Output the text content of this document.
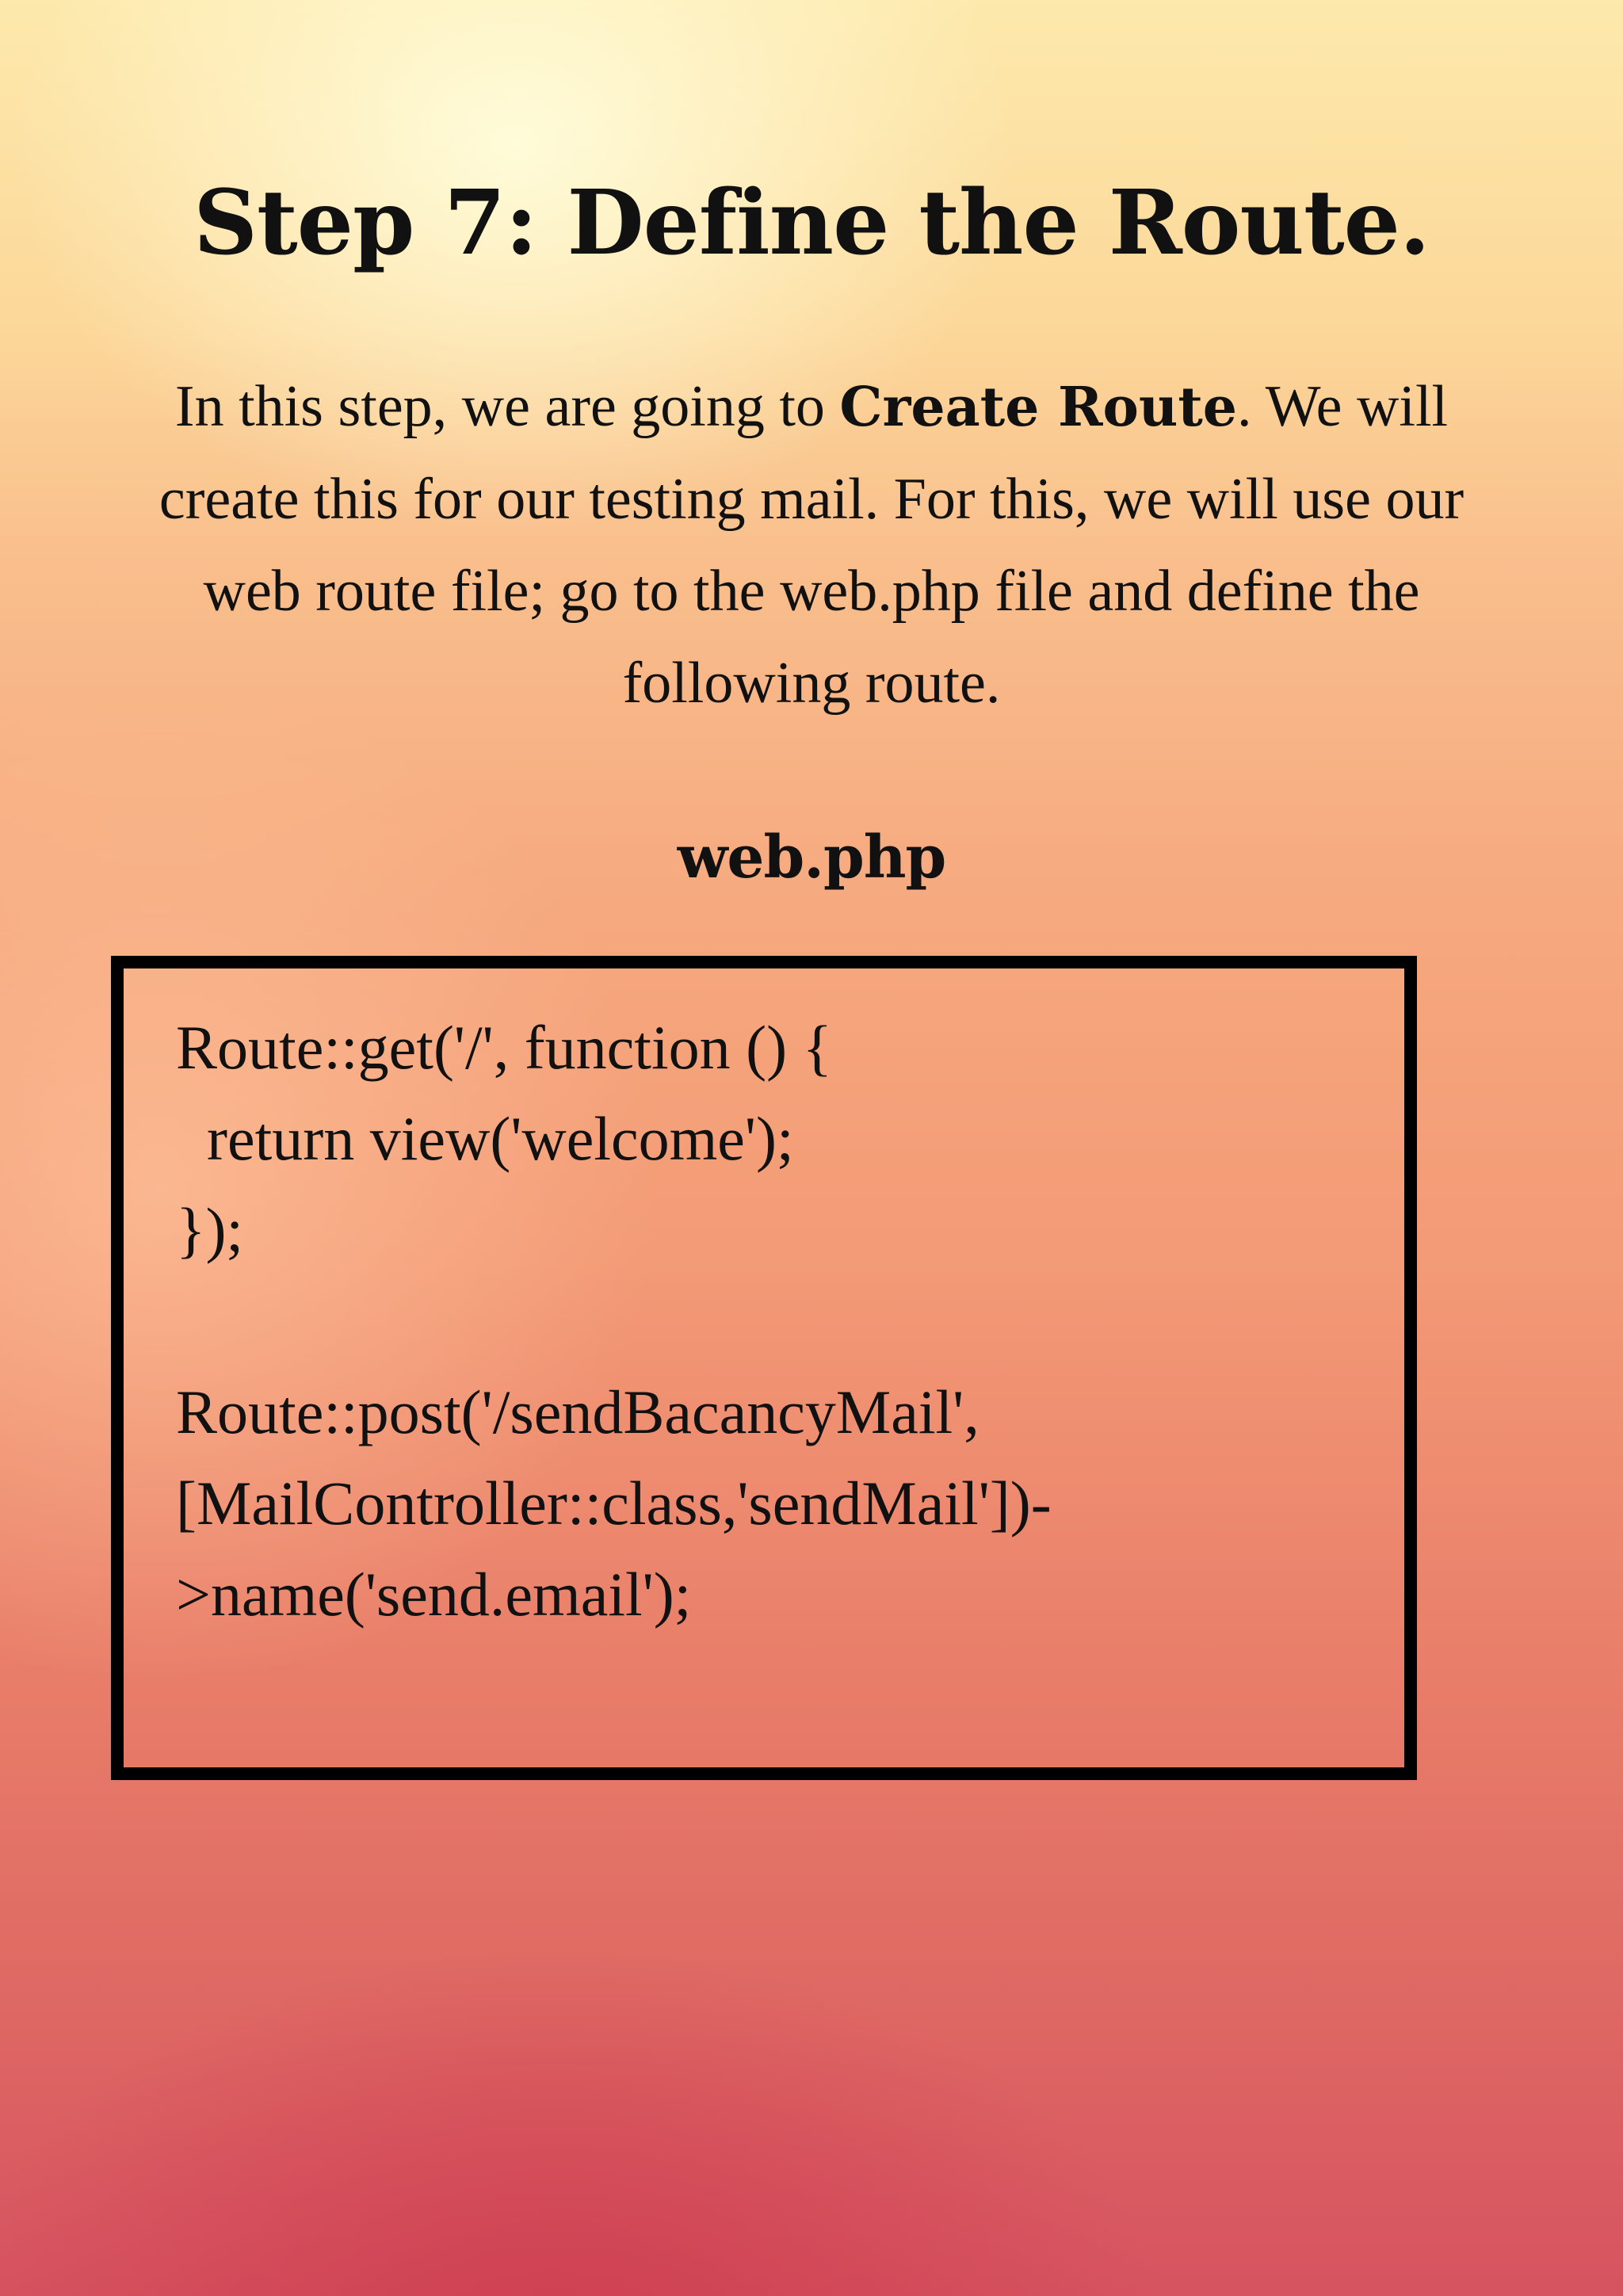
Step 7: Define the Route.

In this step, we are going to Create Route. We will create this for our testing mail. For this, we will use our web route file; go to the web.php file and define the following route.

web.php
Route::get('/', function () {
return view('welcome');
});
Route::post('/sendBacancyMail',
[MailController::class,'sendMail'])-
>name('send.email');
